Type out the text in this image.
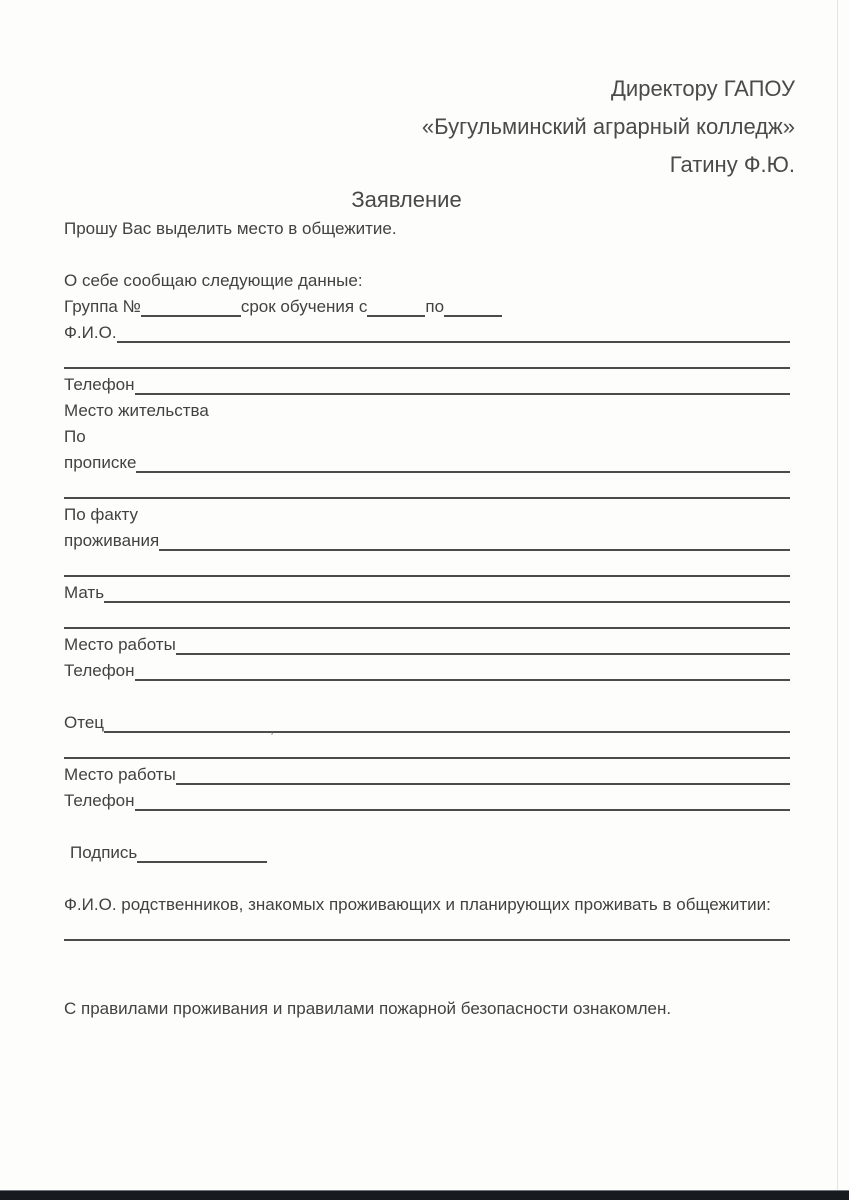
Директору ГАПОУ
«Бугульминский аграрный колледж»
Гатину Ф.Ю.
Заявление
Прошу Вас выделить место в общежитие.
О себе сообщаю следующие данные:
Группа №	срок обучения с	по
Ф.И.О.
Телефон
Место жительства
По
прописке
По факту
проживания
Мать
Место работы
Телефон
Отец	,
Место работы
Телефон
Подпись

Ф.И.О. родственников, знакомых проживающих и планирующих проживать в общежитии:

С правилами проживания и правилами пожарной безопасности ознакомлен.
